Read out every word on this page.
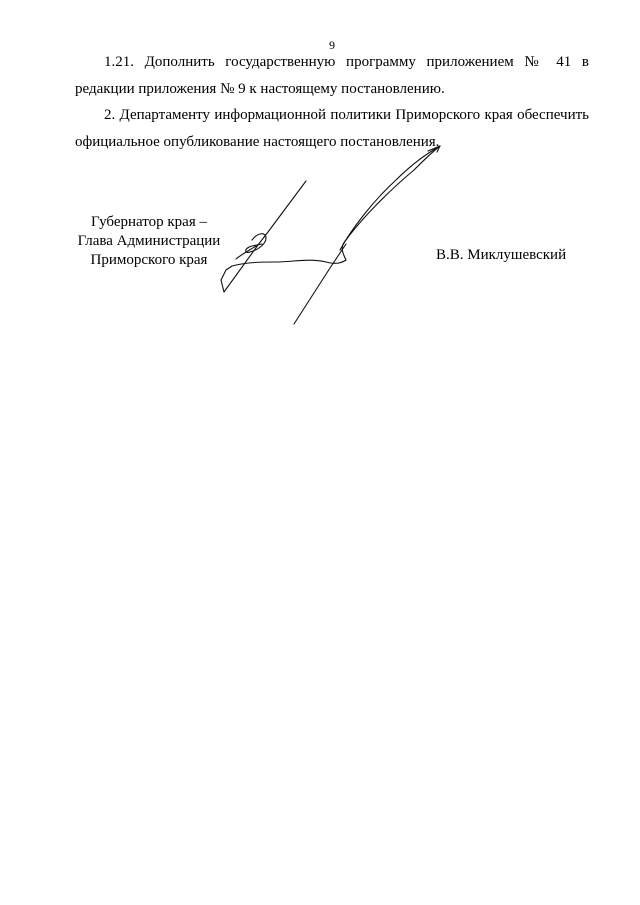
9
1.21. Дополнить государственную программу приложением № 41 в
редакции приложения № 9 к настоящему постановлению.
2. Департаменту информационной политики Приморского края обеспечить
официальное опубликование настоящего постановления.
Губернатор края –
Глава Администрации
Приморского края	В.В. Миклушевский
